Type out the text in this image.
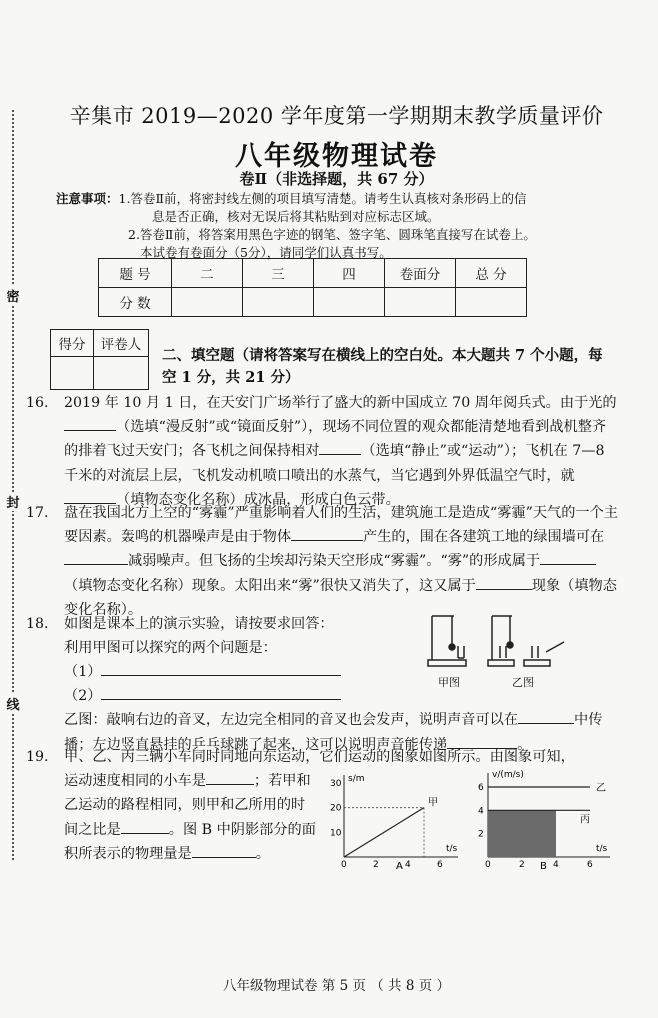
密
封
线
辛集市 2019—2020 学年度第一学期期末教学质量评价
八年级物理试卷
卷Ⅱ（非选择题，共 67 分）
注意事项：1.答卷Ⅱ前，将密封线左侧的项目填写清楚。请考生认真核对条形码上的信
息是否正确，核对无误后将其粘贴到对应标志区域。
2.答卷Ⅱ前，将答案用黑色字迹的钢笔、签字笔、圆珠笔直接写在试卷上。
本试卷有卷面分（5分），请同学们认真书写。
题 号	二	三	四	卷面分	总 分
分 数					
得分	评卷人

二、填空题（请将答案写在横线上的空白处。本大题共 7 个小题，每空 1 分，共 21 分）
16. 2019 年 10 月 1 日，在天安门广场举行了盛大的新中国成立 70 周年阅兵式。由于光的（选填“漫反射”或“镜面反射”），现场不同位置的观众都能清楚地看到战机整齐的排着飞过天安门；各飞机之间保持相对	（选填“静止”或“运动”）；飞机在 7—8 千米的对流层上层，飞机发动机喷口喷出的水蒸气，当它遇到外界低温空气时，就（填物态变化名称）成冰晶，形成白色云带。
17. 盘在我国北方上空的“雾霾”严重影响着人们的生活，建筑施工是造成“雾霾”天气的一个主要因素。轰鸣的机器噪声是由于物体	产生的，围在各建筑工地的绿围墙可在减弱噪声。但飞扬的尘埃却污染天空形成“雾霾”。“雾”的形成属于（填物态变化名称）现象。太阳出来“雾”很快又消失了，这又属于	现象（填物态变化名称）。
18. 如图是课本上的演示实验，请按要求回答：
利用甲图可以探究的两个问题是：
（1）
（2）
乙图：敲响右边的音叉，左边完全相同的音叉也会发声，说明声音可以在	中传播；左边竖直悬挂的乒乓球跳了起来，这可以说明声音能传递	。
甲图	乙图
19. 甲、乙、丙三辆小车同时同地向东运动，它们运动的图象如图所示。由图象可知，
运动速度相同的小车是	；若甲和
乙运动的路程相同，则甲和乙所用的时
间之比是	。图 B 中阴影部分的面
积所表示的物理量是	。
s/m
t/s
A
30
20
10
0	2	4	6
甲
v/(m/s)
t/s
B
6
4
2
0	2	4	6
乙
丙
八年级物理试卷 第 5 页 （ 共 8 页 ）
